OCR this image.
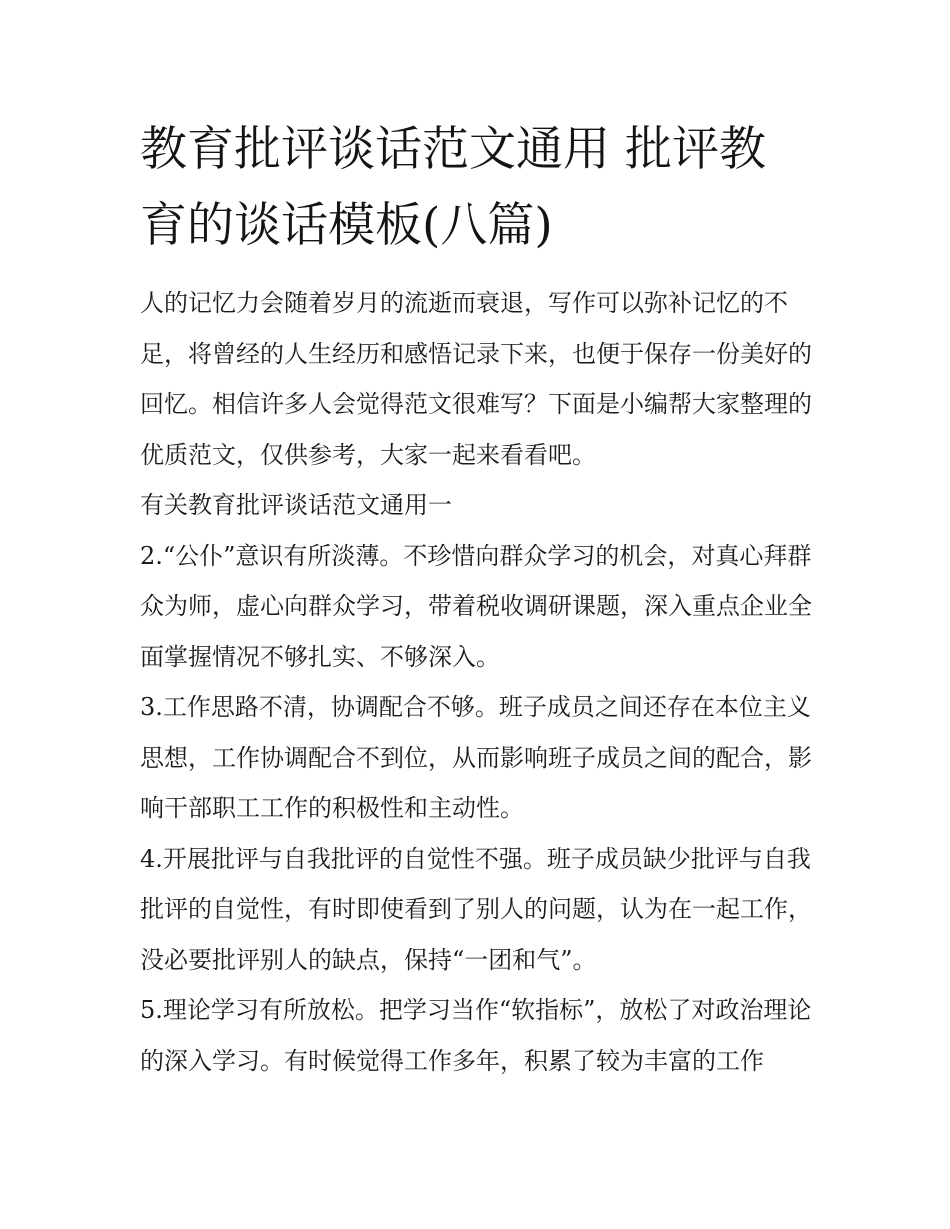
教育批评谈话范文通用 批评教育的谈话模板(八篇)

人的记忆力会随着岁月的流逝而衰退，写作可以弥补记忆的不足，将曾经的人生经历和感悟记录下来，也便于保存一份美好的回忆。相信许多人会觉得范文很难写？下面是小编帮大家整理的优质范文，仅供参考，大家一起来看看吧。

有关教育批评谈话范文通用一

2.“公仆”意识有所淡薄。不珍惜向群众学习的机会，对真心拜群众为师，虚心向群众学习，带着税收调研课题，深入重点企业全面掌握情况不够扎实、不够深入。

3.工作思路不清，协调配合不够。班子成员之间还存在本位主义思想，工作协调配合不到位，从而影响班子成员之间的配合，影响干部职工工作的积极性和主动性。

4.开展批评与自我批评的自觉性不强。班子成员缺少批评与自我批评的自觉性，有时即使看到了别人的问题，认为在一起工作，没必要批评别人的缺点，保持“一团和气”。

5.理论学习有所放松。把学习当作“软指标”，放松了对政治理论的深入学习。有时候觉得工作多年，积累了较为丰富的工作
